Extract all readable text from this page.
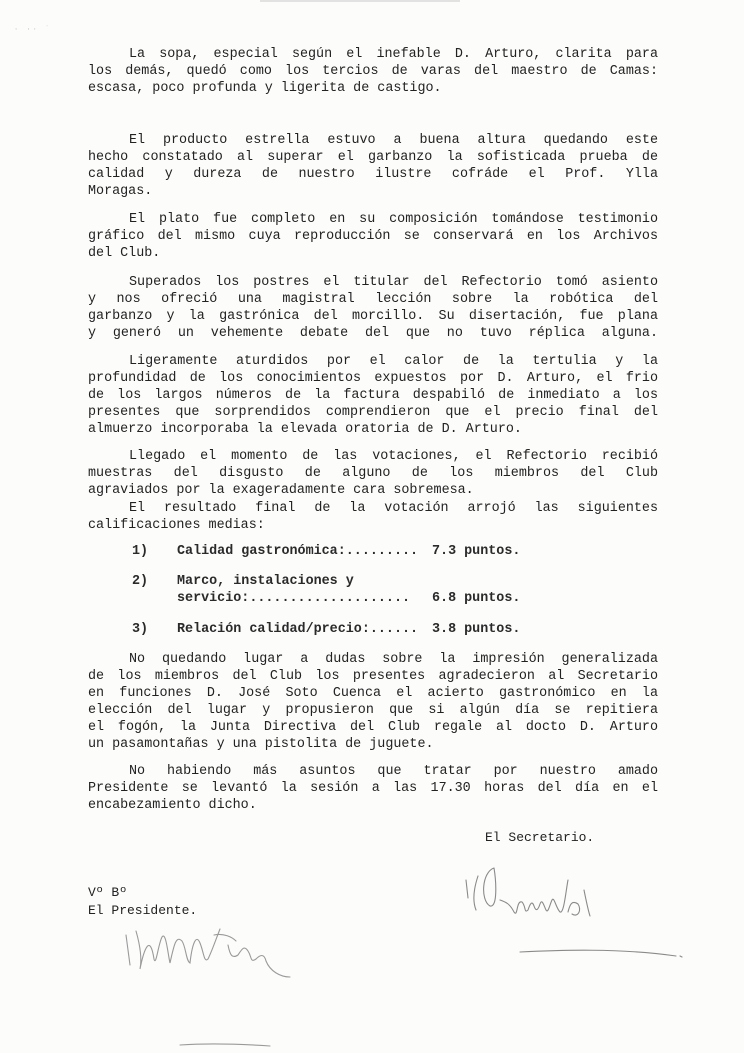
· ·· ˙
La sopa, especial según el inefable D. Arturo, clarita para
los demás, quedó como los tercios de varas del maestro de Camas:
escasa, poco profunda y ligerita de castigo.
El producto estrella estuvo a buena altura quedando este
hecho constatado al superar el garbanzo la sofisticada prueba de
calidad y dureza de nuestro ilustre cofráde el Prof. Ylla
Moragas.
El plato fue completo en su composición tomándose testimonio
gráfico del mismo cuya reproducción se conservará en los Archivos
del Club.
Superados los postres el titular del Refectorio tomó asiento
y nos ofreció una magistral lección sobre la robótica del
garbanzo y la gastrónica del morcillo. Su disertación, fue plana
y generó un vehemente debate del que no tuvo réplica alguna.
Ligeramente aturdidos por el calor de la tertulia y la
profundidad de los conocimientos expuestos por D. Arturo, el frio
de los largos números de la factura despabiló de inmediato a los
presentes que sorprendidos comprendieron que el precio final del
almuerzo incorporaba la elevada oratoria de D. Arturo.
Llegado el momento de las votaciones, el Refectorio recibió
muestras del disgusto de alguno de los miembros del Club
agraviados por la exageradamente cara sobremesa.
El resultado final de la votación arrojó las siguientes
calificaciones medias:
1) Calidad gastronómica:......... 7.3 puntos.
2) Marco, instalaciones y
servicio:.................... 6.8 puntos.
3) Relación calidad/precio:...... 3.8 puntos.
No quedando lugar a dudas sobre la impresión generalizada
de los miembros del Club los presentes agradecieron al Secretario
en funciones D. José Soto Cuenca el acierto gastronómico en la
elección del lugar y propusieron que si algún día se repitiera
el fogón, la Junta Directiva del Club regale al docto D. Arturo
un pasamontañas y una pistolita de juguete.
No habiendo más asuntos que tratar por nuestro amado
Presidente se levantó la sesión a las 17.30 horas del día en el
encabezamiento dicho.
El Secretario.
Vº Bº
El Presidente.
